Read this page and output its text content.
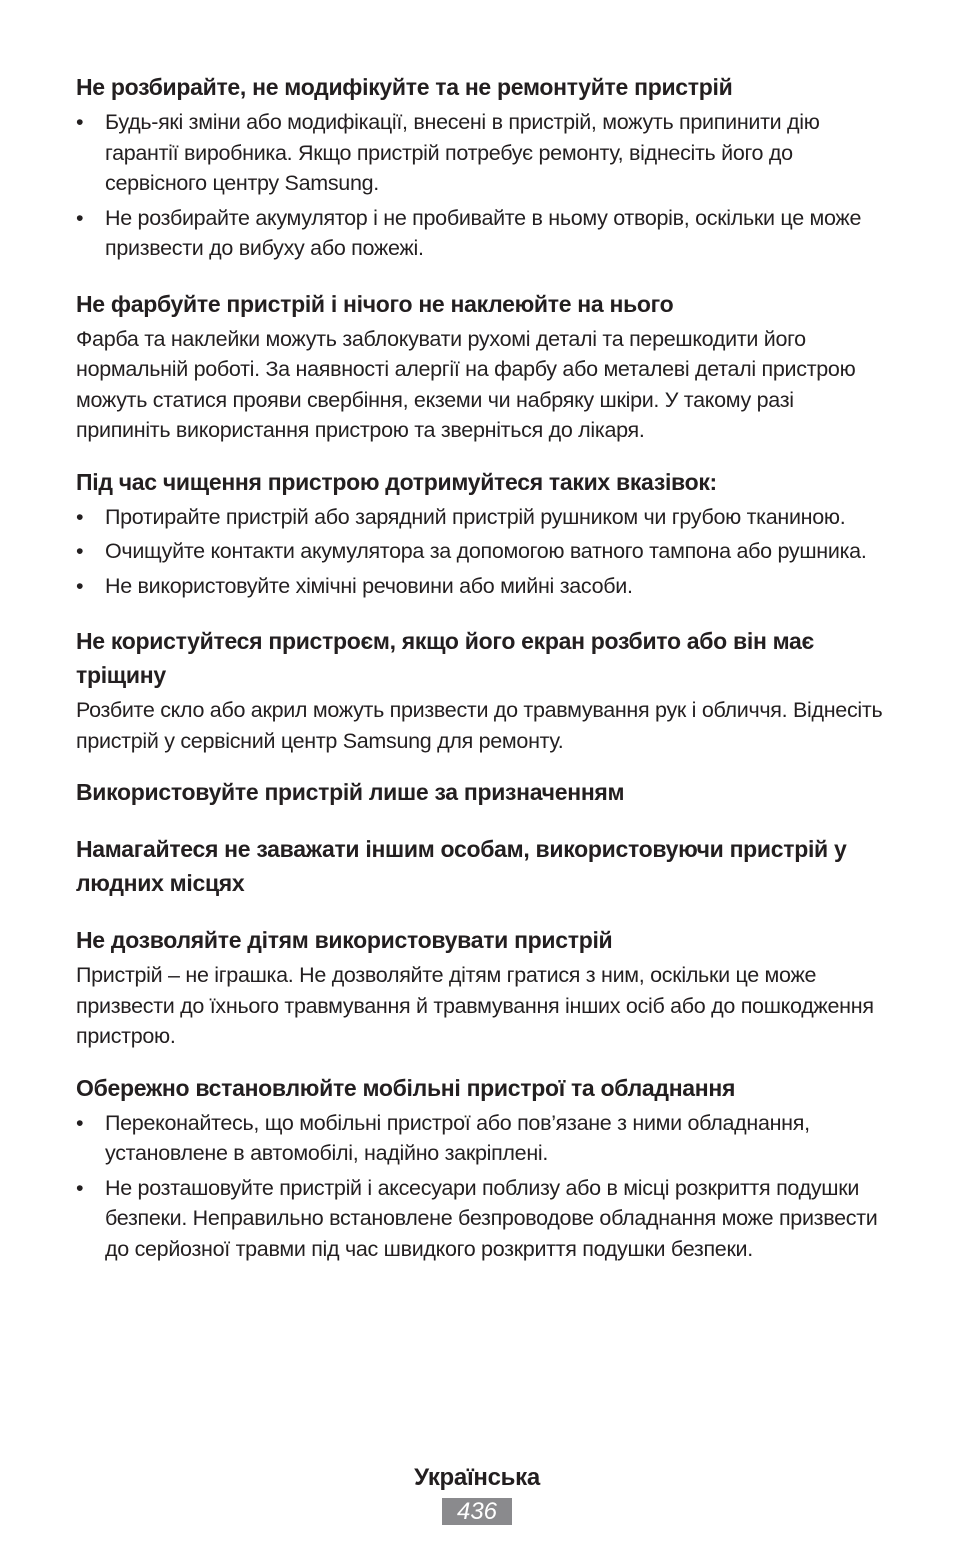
Не розбирайте, не модифікуйте та не ремонтуйте пристрій
• Будь-які зміни або модифікації, внесені в пристрій, можуть припинити дію гарантії виробника. Якщо пристрій потребує ремонту, віднесіть його до сервісного центру Samsung.
• Не розбирайте акумулятор і не пробивайте в ньому отворів, оскільки це може призвести до вибуху або пожежі.
Не фарбуйте пристрій і нічого не наклеюйте на нього

Фарба та наклейки можуть заблокувати рухомі деталі та перешкодити його нормальній роботі. За наявності алергії на фарбу або металеві деталі пристрою можуть статися прояви свербіння, екземи чи набряку шкіри. У такому разі припиніть використання пристрою та зверніться до лікаря.

Під час чищення пристрою дотримуйтеся таких вказівок:
• Протирайте пристрій або зарядний пристрій рушником чи грубою тканиною.
• Очищуйте контакти акумулятора за допомогою ватного тампона або рушника.
• Не використовуйте хімічні речовини або мийні засоби.
Не користуйтеся пристроєм, якщо його екран розбито або він має тріщину

Розбите скло або акрил можуть призвести до травмування рук і обличчя. Віднесіть пристрій у сервісний центр Samsung для ремонту.

Використовуйте пристрій лише за призначенням
Намагайтеся не заважати іншим особам, використовуючи пристрій у людних місцях
Не дозволяйте дітям використовувати пристрій

Пристрій – не іграшка. Не дозволяйте дітям гратися з ним, оскільки це може призвести до їхнього травмування й травмування інших осіб або до пошкодження пристрою.

Обережно встановлюйте мобільні пристрої та обладнання
• Переконайтесь, що мобільні пристрої або пов’язане з ними обладнання, установлене в автомобілі, надійно закріплені.
• Не розташовуйте пристрій і аксесуари поблизу або в місці розкриття подушки безпеки. Неправильно встановлене безпроводове обладнання може призвести до серйозної травми під час швидкого розкриття подушки безпеки.
Українська
436
